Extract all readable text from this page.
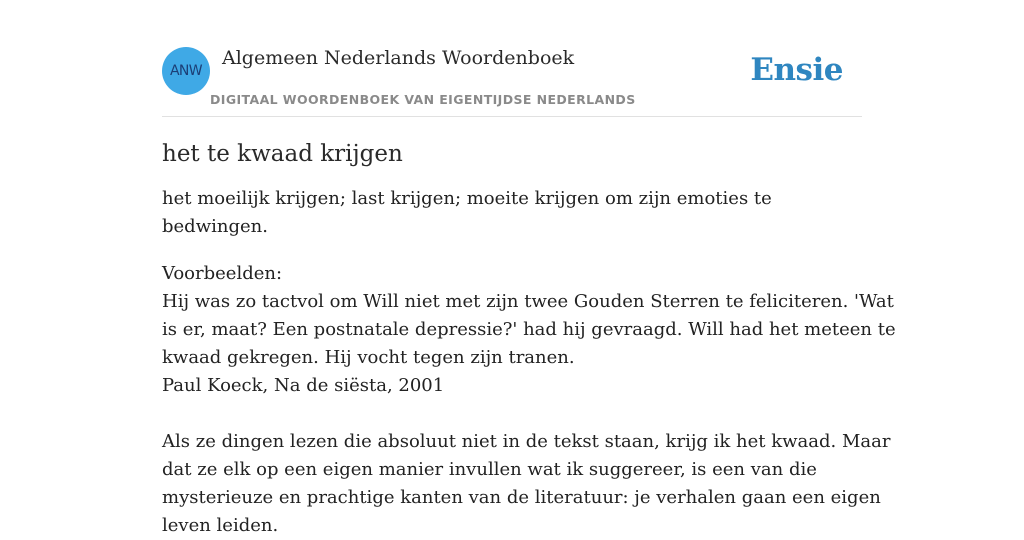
ANW
Algemeen Nederlands Woordenboek
DIGITAAL WOORDENBOEK VAN EIGENTIJDSE NEDERLANDS
Ensie
het te kwaad krijgen

het moeilijk krijgen; last krijgen; moeite krijgen om zijn emoties te bedwingen.

Voorbeelden:
Hij was zo tactvol om Will niet met zijn twee Gouden Sterren te feliciteren. 'Wat
is er, maat? Een postnatale depressie?' had hij gevraagd. Will had het meteen te
kwaad gekregen. Hij vocht tegen zijn tranen.
Paul Koeck, Na de siësta, 2001
Als ze dingen lezen die absoluut niet in de tekst staan, krijg ik het kwaad. Maar
dat ze elk op een eigen manier invullen wat ik suggereer, is een van die
mysterieuze en prachtige kanten van de literatuur: je verhalen gaan een eigen
leven leiden.
